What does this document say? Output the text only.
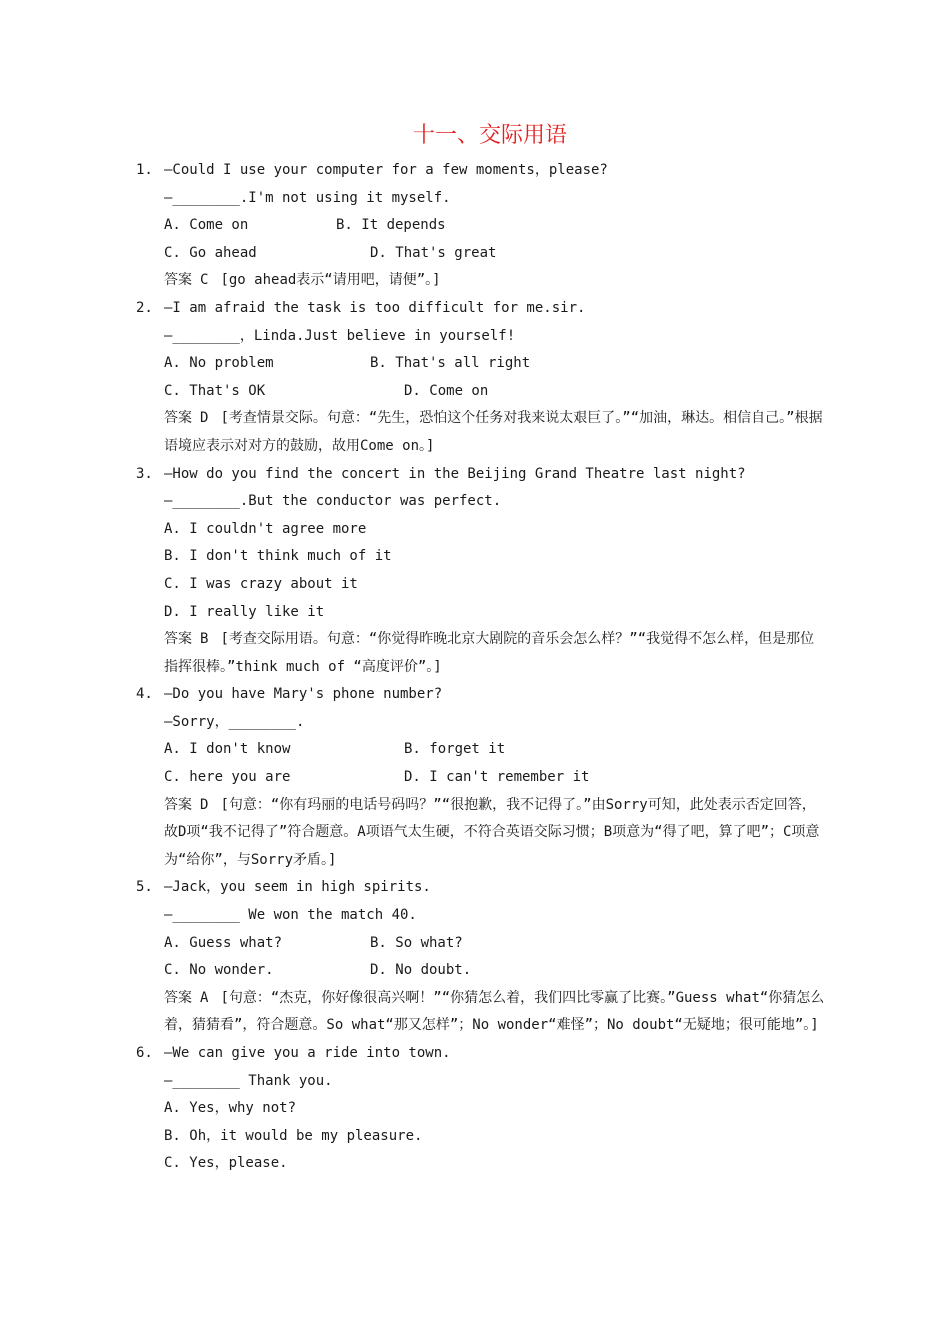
十一、交际用语
1. —Could I use your computer for a few moments，please?
—________.I'm not using it myself.
A. Come on	B. It depends
C. Go ahead	D. That's great
答案 C [go ahead表示“请用吧，请便”。]
2. —I am afraid the task is too difficult for me.sir.
—________，Linda.Just believe in yourself!
A. No problem	B. That's all right
C. That's OK	D. Come on
答案 D [考查情景交际。句意：“先生，恐怕这个任务对我来说太艰巨了。”“加油，琳达。相信自己。”根据语境应表示对对方的鼓励，故用Come on。]
3. —How do you find the concert in the Beijing Grand Theatre last night?
—________.But the conductor was perfect.
A. I couldn't agree more
B. I don't think much of it
C. I was crazy about it
D. I really like it
答案 B [考查交际用语。句意：“你觉得昨晚北京大剧院的音乐会怎么样？”“我觉得不怎么样，但是那位指挥很棒。”think much of “高度评价”。]
4. —Do you have Mary's phone number?
—Sorry，________.
A. I don't know	B. forget it
C. here you are	D. I can't remember it
答案 D [句意：“你有玛丽的电话号码吗？”“很抱歉，我不记得了。”由Sorry可知，此处表示否定回答，故D项“我不记得了”符合题意。A项语气太生硬，不符合英语交际习惯；B项意为“得了吧，算了吧”；C项意为“给你”，与Sorry矛盾。]
5. —Jack，you seem in high spirits.
—________ We won the match 40.
A. Guess what?	B. So what?
C. No wonder.	D. No doubt.
答案 A [句意：“杰克，你好像很高兴啊！”“你猜怎么着，我们四比零赢了比赛。”Guess what“你猜怎么着，猜猜看”，符合题意。So what“那又怎样”；No wonder“难怪”；No doubt“无疑地；很可能地”。]
6. —We can give you a ride into town.
—________ Thank you.
A. Yes，why not?
B. Oh，it would be my pleasure.
C. Yes，please.
